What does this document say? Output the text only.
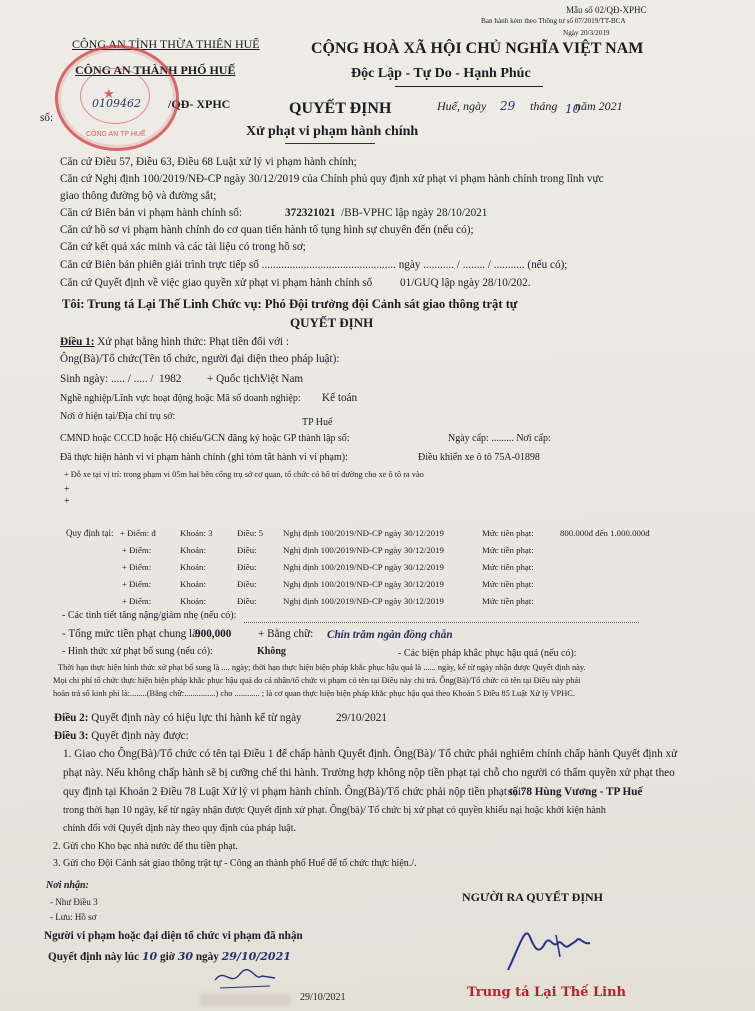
Mẫu số 02/QĐ-XPHC
Ban hành kèm theo Thông tư số 07/2019/TT-BCA
Ngày 20/3/2019
CÔNG AN TỈNH THỪA THIÊN HUẾ
CÔNG AN THÀNH PHỐ HUẾ
số:
0109462 /QĐ- XPHC
★
CÔNG AN TP HUẾ
CỘNG HOÀ XÃ HỘI CHỦ NGHĨA VIỆT NAM
Độc Lập - Tự Do - Hạnh Phúc
Huế, ngày 29 tháng 10
năm 2021
QUYẾT ĐỊNH
Xử phạt vi phạm hành chính
Căn cứ Điều 57, Điều 63, Điều 68 Luật xử lý vi phạm hành chính;
Căn cứ Nghị định 100/2019/NĐ-CP ngày 30/12/2019 của Chính phủ quy định xử phạt vi phạm hành chính trong lĩnh vực
giao thông đường bộ và đường sắt;
Căn cứ Biên bản vi phạm hành chính số:	372321021 /BB-VPHC lập ngày 28/10/2021
Căn cứ hồ sơ vi phạm hành chính do cơ quan tiến hành tố tụng hình sự chuyển đến (nếu có);
Căn cứ kết quả xác minh và các tài liệu có trong hồ sơ;
Căn cứ Biên bản phiên giải trình trực tiếp số ................................................ ngày ........... / ........ / ........... (nếu có);
Căn cứ Quyết định về việc giao quyền xử phạt vi phạm hành chính số 01/GUQ lập ngày 28/10/202.
Tôi: Trung tá Lại Thế Linh Chức vụ: Phó Đội trưởng đội Cảnh sát giao thông trật tự
QUYẾT ĐỊNH
Điều 1: Xử phạt bằng hình thức: Phạt tiền đối với :
Ông(Bà)/Tổ chức(Tên tổ chức, người đại diện theo pháp luật):
Sinh ngày: ..... / ..... / 1982 + Quốc tịch:
Việt Nam
Nghề nghiệp/Lĩnh vực hoạt động hoặc Mã số doanh nghiệp: Kế toán
Nơi ở hiện tại/Địa chỉ trụ sở:
TP Huế
CMND hoặc CCCD hoặc Hộ chiếu/GCN đăng ký hoặc GP thành lập số:	Ngày cấp: ......... Nơi cấp:
Đã thực hiện hành vi vi phạm hành chính (ghi tóm tắt hành vi vi phạm):	Điều khiển xe ô tô 75A-01898
+ Đỗ xe tại vị trí: trong phạm vi 05m hai bên cổng trụ sở cơ quan, tổ chức có bố trí đường cho xe ô tô ra vào
+
+
Quy định tại: + Điểm: đ	Khoản: 3	Điều: 5 Nghị định 100/2019/NĐ-CP ngày 30/12/2019	Mức tiền phạt:	800.000đ đến 1.000.000đ
+ Điểm:	Khoản:	Điều:	Nghị định 100/2019/NĐ-CP ngày 30/12/2019	Mức tiền phạt:
+ Điểm:	Khoản:	Điều:	Nghị định 100/2019/NĐ-CP ngày 30/12/2019	Mức tiền phạt:
+ Điểm:	Khoản:	Điều:	Nghị định 100/2019/NĐ-CP ngày 30/12/2019	Mức tiền phạt:
+ Điểm:	Khoản:	Điều:	Nghị định 100/2019/NĐ-CP ngày 30/12/2019	Mức tiền phạt:
- Các tình tiết tăng nặng/giảm nhẹ (nếu có):
- Tổng mức tiền phạt chung là:
900,000 + Bằng chữ: Chín trăm ngàn đồng chẵn
- Hình thức xử phạt bổ sung (nếu có):	Không	- Các biện pháp khắc phục hậu quả (nếu có):
Thời hạn thực hiện hình thức xử phạt bổ sung là .... ngày; thời hạn thực hiện biện pháp khắc phục hậu quả là ...... ngày, kể từ ngày nhận được Quyết định này.
Mọi chi phí tổ chức thực hiện biện pháp khắc phục hậu quả do cá nhân/tổ chức vi phạm có tên tại Điều này chi trả. Ông(Bà)/Tổ chức có tên tại Điều này phải
hoàn trả số kinh phí là:........(Bằng chữ:...............) cho ............ ; là cơ quan thực hiện biện pháp khắc phục hậu quả theo Khoản 5 Điều 85 Luật Xử lý VPHC.
Điều 2: Quyết định này có hiệu lực thi hành kể từ ngày	29/10/2021
Điều 3: Quyết định này được:
1. Giao cho Ông(Bà)/Tổ chức có tên tại Điều 1 để chấp hành Quyết định. Ông(Bà)/ Tổ chức phải nghiêm chỉnh chấp hành Quyết định xử
phạt này. Nếu không chấp hành sẽ bị cưỡng chế thi hành. Trường hợp không nộp tiền phạt tại chỗ cho người có thẩm quyền xử phạt theo
quy định tại Khoản 2 Điều 78 Luật Xử lý vi phạm hành chính. Ông(Bà)/Tổ chức phải nộp tiền phạt tại:
số 78 Hùng Vương - TP Huế
trong thời hạn 10 ngày, kể từ ngày nhận được Quyết định xử phạt. Ông(bà)/ Tổ chức bị xử phạt có quyền khiếu nại hoặc khởi kiện hành
chính đối với Quyết định này theo quy định của pháp luật.
2. Gửi cho Kho bạc nhà nước để thu tiền phạt.
3. Gửi cho Đội Cảnh sát giao thông trật tự - Công an thành phố Huế để tổ chức thực hiện./.
Nơi nhận:
- Như Điều 3
- Lưu: Hồ sơ
NGƯỜI RA QUYẾT ĐỊNH
Người vi phạm hoặc đại diện tổ chức vi phạm đã nhận
Quyết định này lúc 10 giờ 30 ngày 29/10/2021
29/10/2021	Trung tá Lại Thế Linh
